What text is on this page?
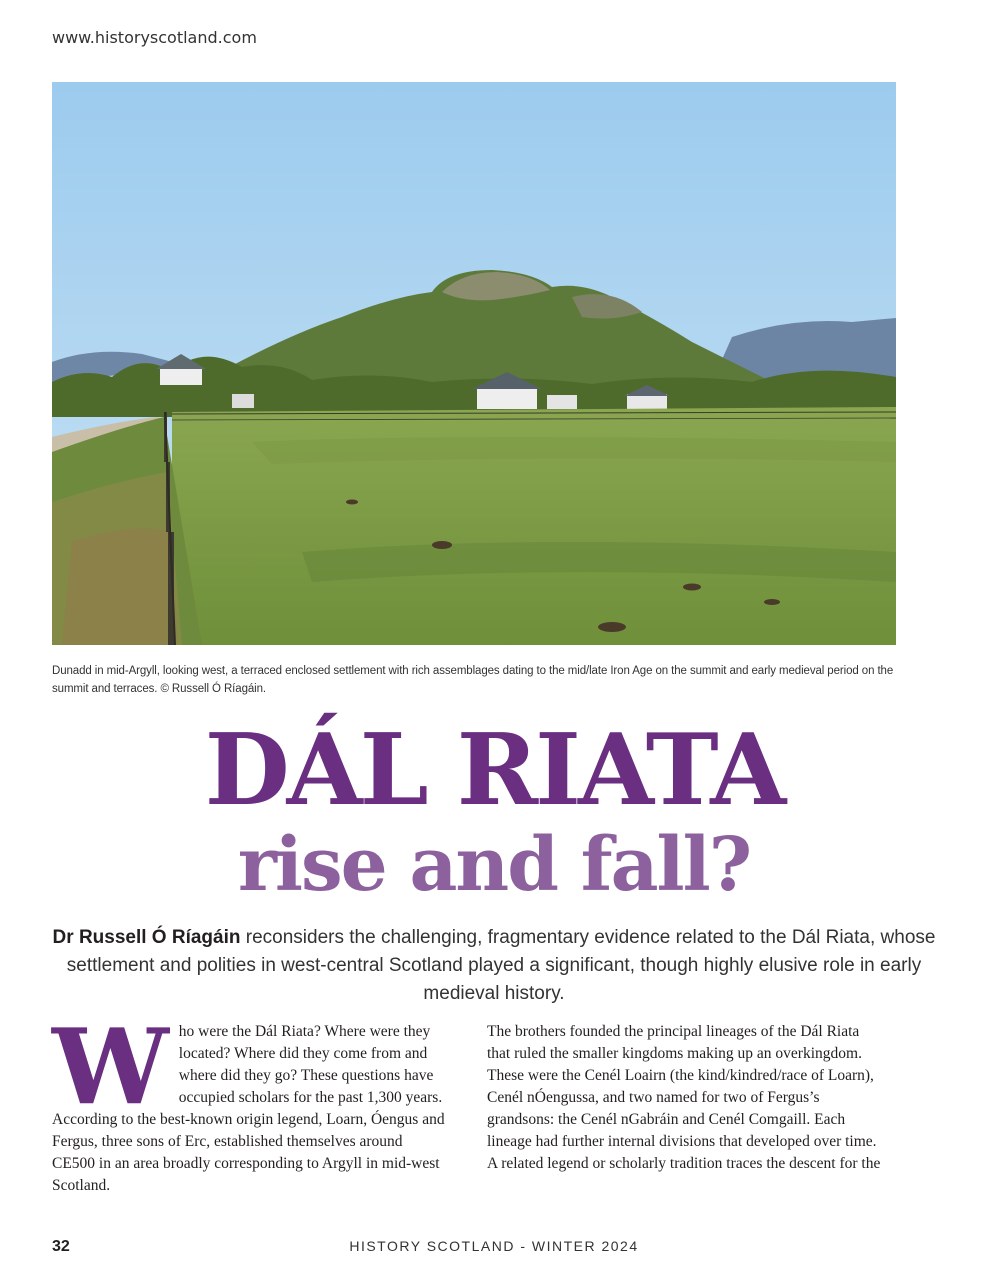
www.historyscotland.com
Dunadd in mid-Argyll, looking west, a terraced enclosed settlement with rich assemblages dating to the mid/late Iron Age on the summit and early medieval period on the summit and terraces. © Russell Ó Ríagáin.
DÁL RIATA
rise and fall?
Dr Russell Ó Ríagáin reconsiders the challenging, fragmentary evidence related to the Dál Riata, whose settlement and polities in west-central Scotland played a significant, though highly elusive role in early medieval history.
Who were the Dál Riata? Where were they located? Where did they come from and where did they go? These questions have occupied scholars for the past 1,300 years. According to the best-known origin legend, Loarn, Óengus and Fergus, three sons of Erc, established themselves around CE500 in an area broadly corresponding to Argyll in mid-west Scotland.
The brothers founded the principal lineages of the Dál Riata that ruled the smaller kingdoms making up an overkingdom. These were the Cenél Loairn (the kind/kindred/race of Loarn), Cenél nÓengussa, and two named for two of Fergus’s grandsons: the Cenél nGabráin and Cenél Comgaill. Each lineage had further internal divisions that developed over time. A related legend or scholarly tradition traces the descent for the
32	HISTORY SCOTLAND - WINTER 2024
